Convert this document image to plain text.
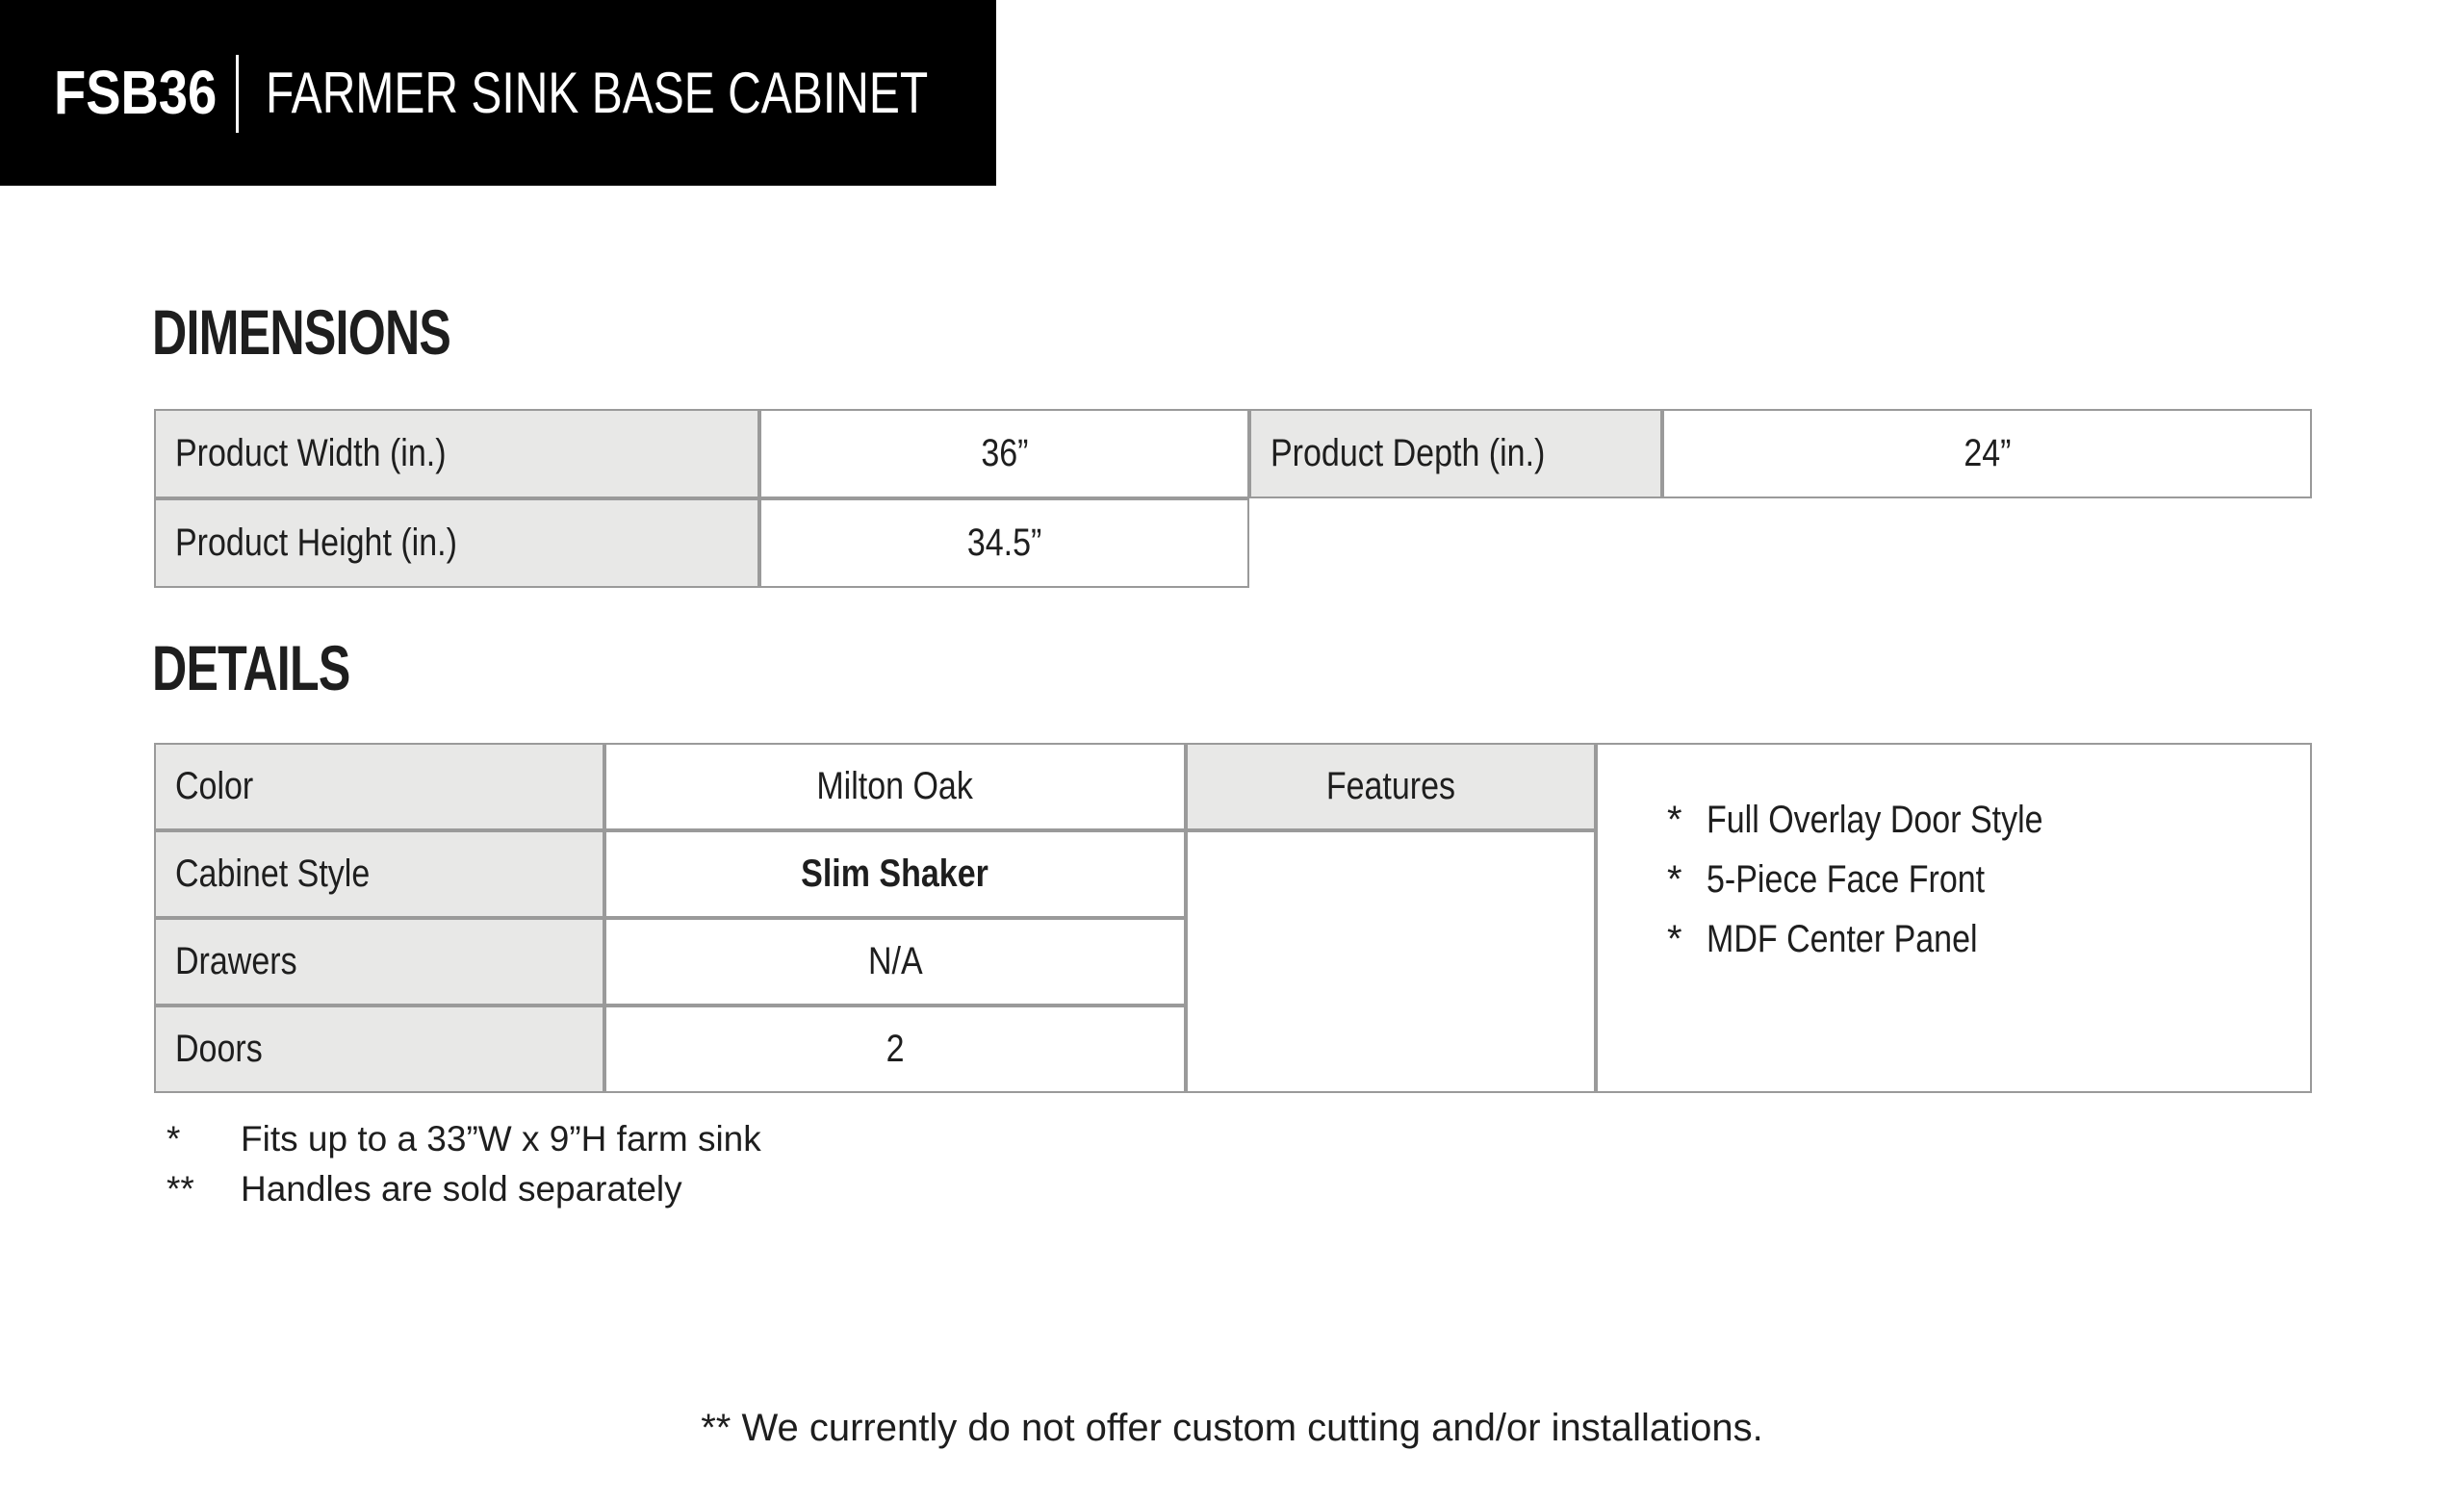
FSB36 FARMER SINK BASE CABINET
DIMENSIONS
Product Width (in.)	36”	Product Depth (in.)	24”
Product Height (in.)	34.5”
DETAILS
Color	Milton Oak
Cabinet Style	Slim Shaker
Drawers	N/A
Doors	2
Features
* Full Overlay Door Style
* 5-Piece Face Front
* MDF Center Panel
*	Fits up to a 33”W x 9”H farm sink
**	Handles are sold separately
** We currently do not offer custom cutting and/or installations.
